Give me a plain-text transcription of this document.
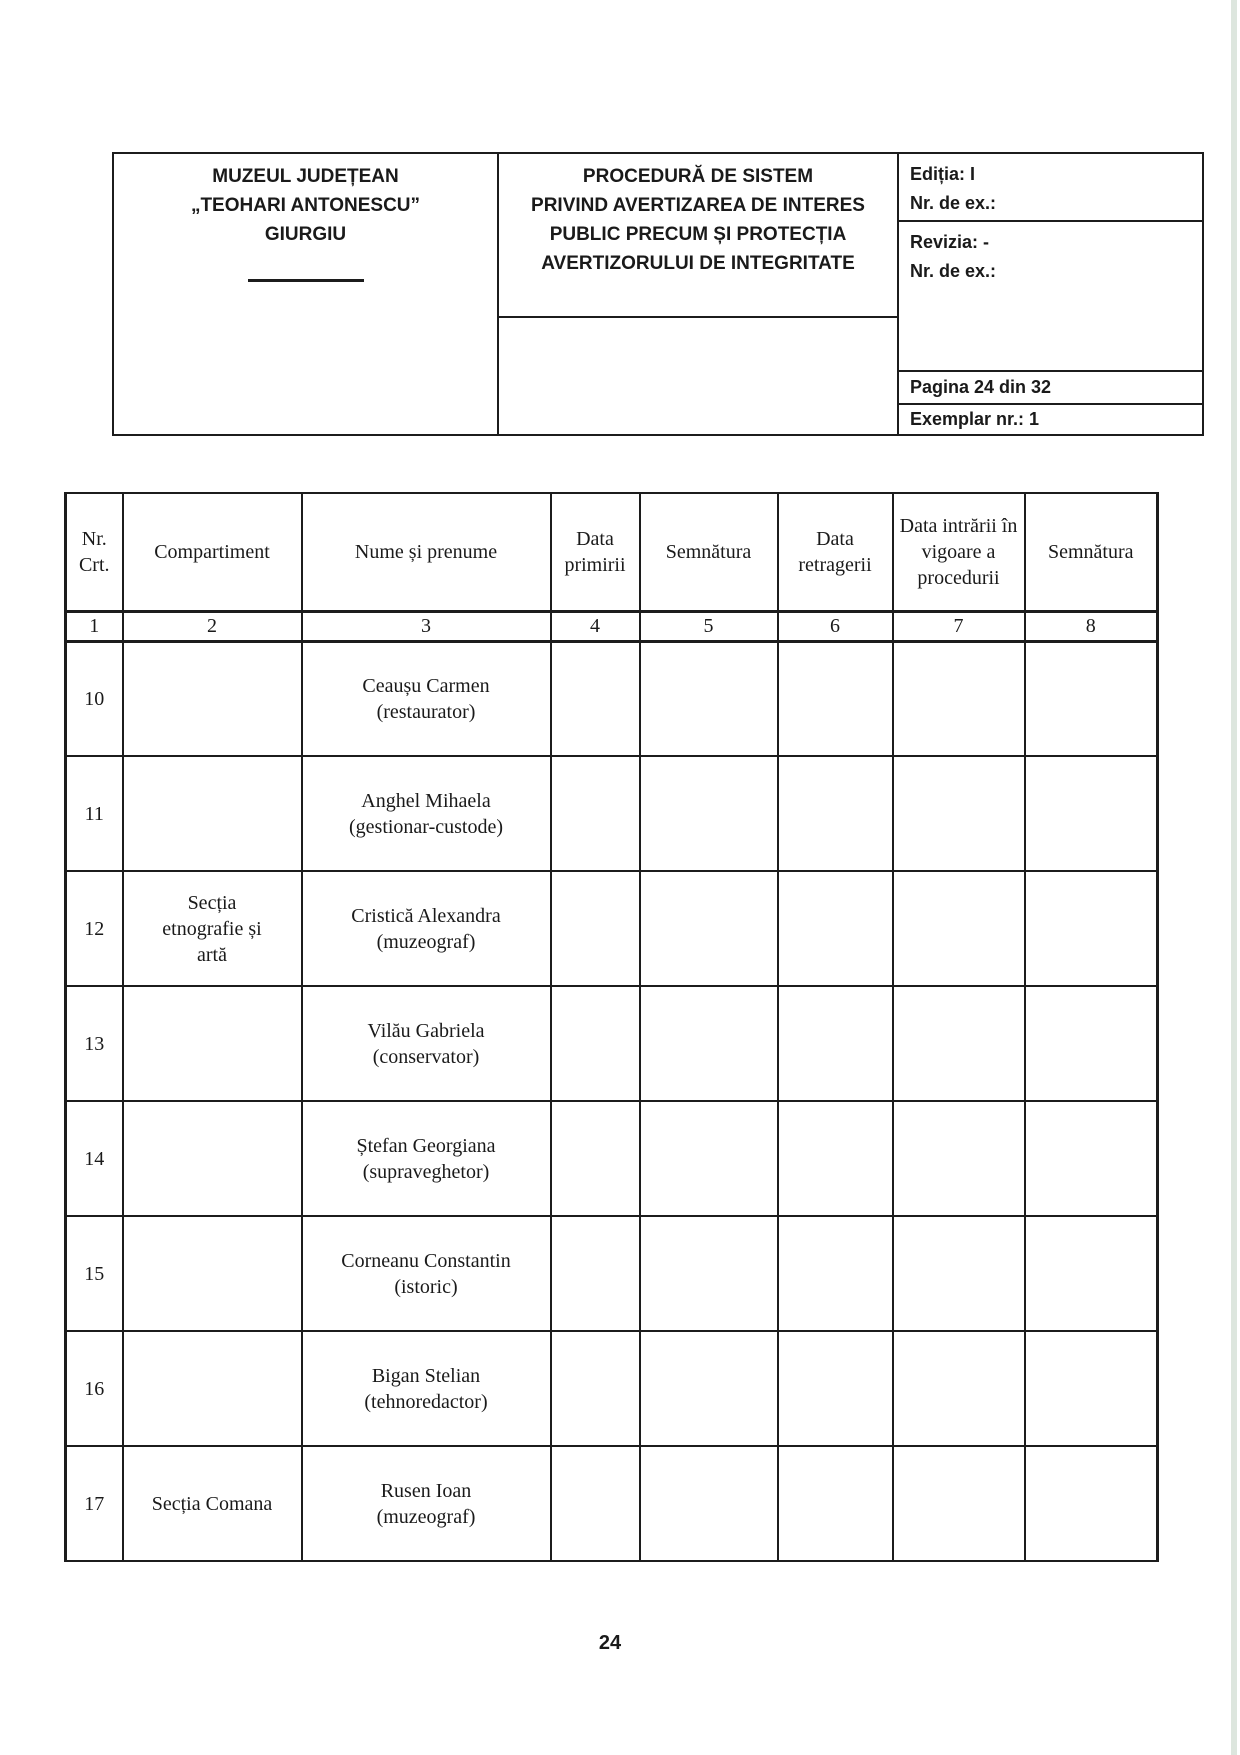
MUZEUL JUDEȚEAN
„TEOHARI ANTONESCU”
GIURGIU
PROCEDURĂ DE SISTEM
PRIVIND AVERTIZAREA DE INTERES
PUBLIC PRECUM ȘI PROTECȚIA
AVERTIZORULUI DE INTEGRITATE
Ediția: I
Nr. de ex.:
Revizia: -
Nr. de ex.:
Pagina 24 din 32
Exemplar nr.: 1
Nr. Crt.	Compartiment	Nume și prenume	Data primirii	Semnătura	Data retragerii	Data intrării în vigoare a procedurii	Semnătura
1	2	3	4	5	6	7	8
10		Ceaușu Carmen
(restaurator)					

11		Anghel Mihaela
(gestionar-custode)					

12	Secția etnografie și artă	Cristică Alexandra
(muzeograf)					

13		Vilău Gabriela
(conservator)					

14		Ștefan Georgiana
(supraveghetor)					

15		Corneanu Constantin
(istoric)					

16		Bigan Stelian
(tehnoredactor)					

17	Secția Comana	Rusen Ioan
(muzeograf)					

24
